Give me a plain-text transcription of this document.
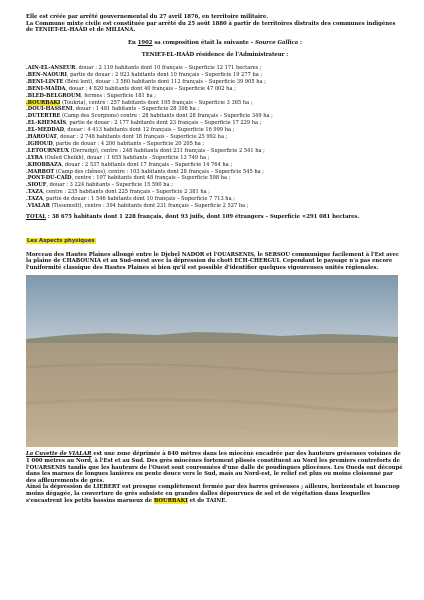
Elle est créée par arrêté gouvernemental du 27 avril 1876, en territoire militaire.

La Commune mixte civile est constituée par arrêté du 25 août 1880 à partir de territoires distraits des communes indigènes de TENIET-EL-HAÂD et de MILIANA.

En 1902 sa composition était la suivante – Source Gallica :

TENIET-EL-HAÂD résidence de l'Administrateur :

.AIN-EL-ANSEUR. douar : 2 119 habitants dont 10 français – Superficie 12 171 hectares ;
.BEN-NAOURI, partie de douar : 2 923 habitants dont 10 français – Superficie 19 277 ha ;
.BENI-LINTE (Béni lent), douar : 3 560 habitants dont 112 français – Superficie 39 905 ha ;
.BENI-MAÏDA, douar : 4 820 habitants dont 40 français – Superficie 47 002 ha ;
.BLED-BELGROUM, fermes : Superficie 181 ha ;
.BOURBAKI (Toukria), centre : 257 habitants dont 195 français – Superficie 3 365 ha ;
.DOUI-HASSENI, douar : 1 481 habitants – Superficie 28 398 ha ;
.DUTERTRE (Camp des Scorpions) centre : 28 habitants dont 28 français – Superficie 349 ha ;
.EL-KHEMAÏS, partie de douar : 2 177 habitants dont 23 français – Superficie 17 229 ha ;
.EL-MEDDAD, douar : 4 413 habitants dont 12 français – Superficie 16 999 ha ;
.HAROUAT, douar : 2 748 habitants dont 18 français – Superficie 25 992 ha ;
.IGHOUD, partie de douar : 4 200 habitants – Superficie 20 205 ha ;
.LETOURNEUX (Derradgi), centre : 248 habitants dont 231 français – Superficie 2 541 ha ;
.LYRA (Ouled Cheikh), douar : 1 655 habitants - Superficie 13 749 ha ;
.KHOBBAZA, douar : 2 537 habitants dont 17 français – Superficie 14 764 ha ;
.MARBOT (Camp des chênes), centre : 103 habitants dont 28 français – Superficie 545 ha ;
.PONT-DU-CAÏD, centre : 107 habitants dont 48 français – Superficie 598 ha ;
.SIOUF, douar : 3 224 habitants – Superficie 15 590 ha ;
.TAZA, centre : 235 habitants dont 225 français – Superficie 2 381 ha ;
.TAZA, partie de douar : 1 546 habitants dont 10 français – Superficie 7 713 ha ;
.VIALAR (Tissemsilt), centre : 394 habitants dont 231 français – Superficie 2 527 ha ;

TOTAL : 38 675 habitants dont 1 228 français, dont 93 juifs, dont 109 étrangers – Superficie ≈291 081 hectares.

Les Aspects physiques

Morceau des Hautes Plaines allongé entre le Djebel NADOR et l'OUARSENIS, le SERSOU communique facilement à l'Est avec la plaine de CHABOUNIA et au Sud-ouest avec la dépression du chott ECH-CHERGUI. Cependant le paysage n'a pas encore l'uniformité classique des Hautes Plaines si bien qu'il est possible d'identifier quelques vigoureuses unités régionales.

La Cuvette de VIALAR est une zone déprimée à 840 mètres dans les miocène encadrée par des hauteurs gréseuses voisines de 1 000 mètres au Nord, à l'Est et au Sud. Des grès miocènes fortement plissés constituent au Nord les premiers contreforts de l'OUARSENIS tandis que les hauteurs de l'Ouest sont couronnées d'une dalle de poudingues pliocènes. Les Oueds ont découpé dans les marnes de longues lanières en pente douce vers le Sud, mais au Nord-est, le relief est plus ou moins cloisonné par des affleurements de grès.

Ainsi la dépression de LIEBERT est presque complètement fermée par des barres gréseuses ; ailleurs, horizontale et bancnop moins dégagée, la couverture de grès subsiste en grandes dalles dépourvues de sol et de végétation dans lesquelles s'encastrent les petits bassins marneux de BOURBAKI et de TAINE.
